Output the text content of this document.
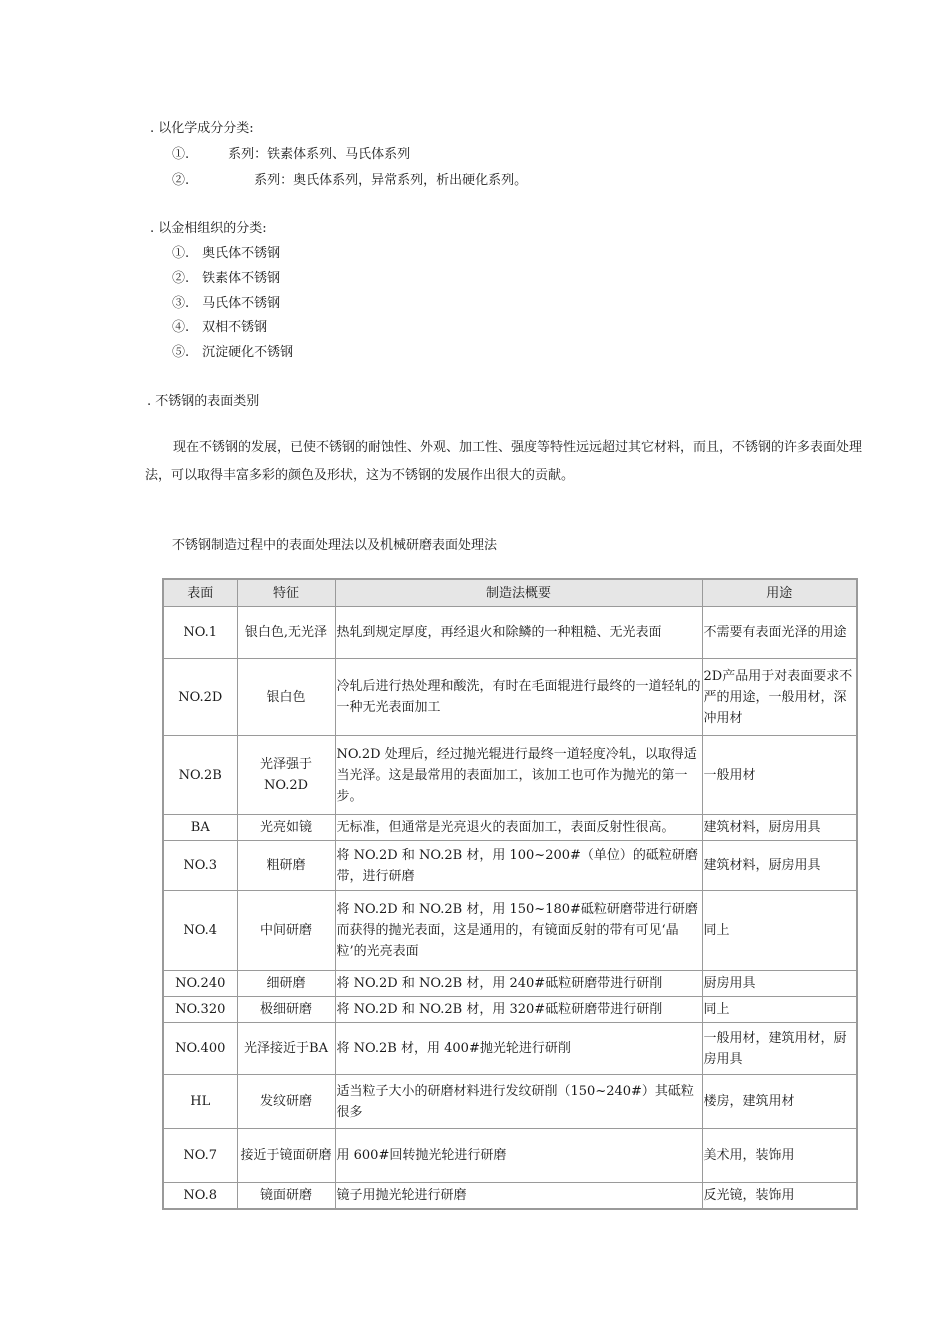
. 以化学成分分类:
①.　　　系列：铁素体系列、马氏体系列
②.　　　　　系列：奥氏体系列，异常系列，析出硬化系列。
. 以金相组织的分类:
①.　奥氏体不锈钢
②.　铁素体不锈钢
③.　马氏体不锈钢
④.　双相不锈钢
⑤.　沉淀硬化不锈钢
. 不锈钢的表面类别
现在不锈钢的发展，已使不锈钢的耐蚀性、外观、加工性、强度等特性远远超过其它材料，而且，不锈钢的许多表面处理法，可以取得丰富多彩的颜色及形状，这为不锈钢的发展作出很大的贡献。
不锈钢制造过程中的表面处理法以及机械研磨表面处理法
表面	特征	制造法概要	用途
NO.1	银白色,无光泽	热轧到规定厚度，再经退火和除鳞的一种粗糙、无光表面	不需要有表面光泽的用途
NO.2D	银白色	冷轧后进行热处理和酸洗，有时在毛面辊进行最终的一道轻轧的一种无光表面加工	2D产品用于对表面要求不严的用途，一般用材，深冲用材
NO.2B	光泽强于NO.2D	NO.2D 处理后，经过抛光辊进行最终一道轻度冷轧，以取得适当光泽。这是最常用的表面加工，该加工也可作为抛光的第一步。	一般用材
BA	光亮如镜	无标准，但通常是光亮退火的表面加工，表面反射性很高。	建筑材料，厨房用具
NO.3	粗研磨	将 NO.2D 和 NO.2B 材，用 100~200#（单位）的砥粒研磨带，进行研磨	建筑材料，厨房用具
NO.4	中间研磨	将 NO.2D 和 NO.2B 材，用 150~180#砥粒研磨带进行研磨而获得的抛光表面，这是通用的，有镜面反射的带有可见‘晶粒’的光亮表面	同上
NO.240	细研磨	将 NO.2D 和 NO.2B 材，用 240#砥粒研磨带进行研削	厨房用具
NO.320	极细研磨	将 NO.2D 和 NO.2B 材，用 320#砥粒研磨带进行研削	同上
NO.400	光泽接近于BA	将 NO.2B 材，用 400#抛光轮进行研削	一般用材，建筑用材，厨房用具
HL	发纹研磨	适当粒子大小的研磨材料进行发纹研削（150~240#）其砥粒很多	楼房，建筑用材
NO.7	接近于镜面研磨	用 600#回转抛光轮进行研磨	美术用，装饰用
NO.8	镜面研磨	镜子用抛光轮进行研磨	反光镜，装饰用
